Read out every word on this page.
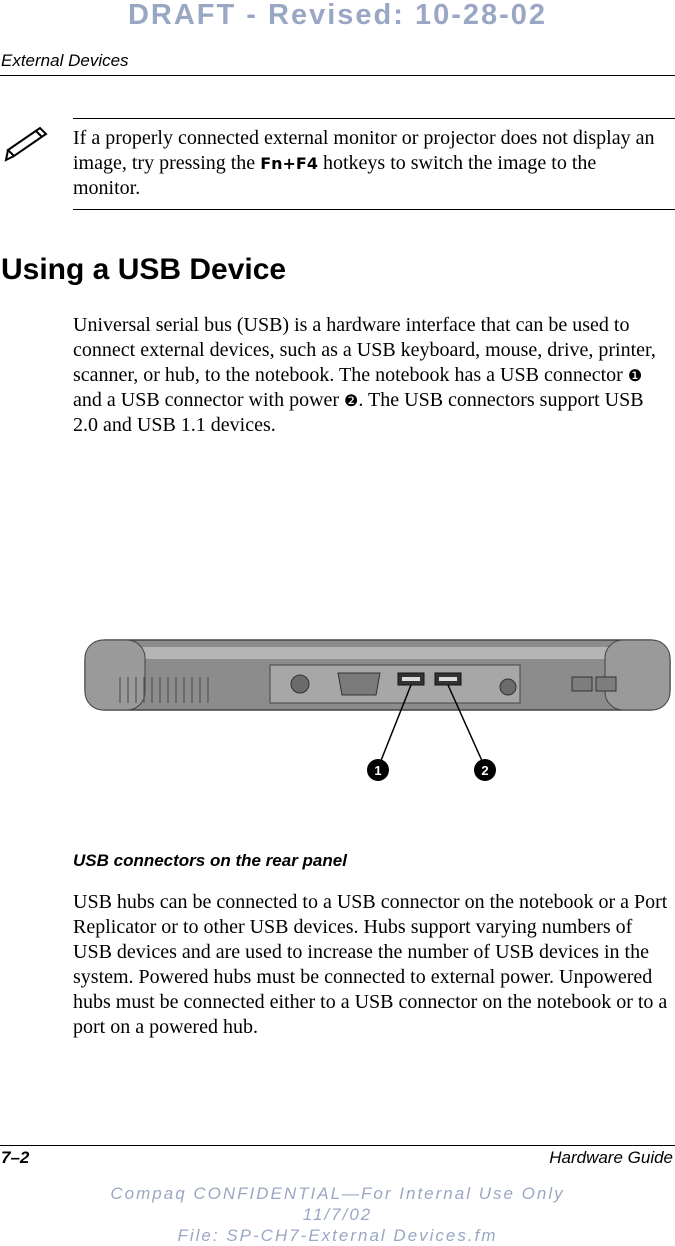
DRAFT - Revised: 10-28-02
External Devices
If a properly connected external monitor or projector does not display an image, try pressing the Fn+F4 hotkeys to switch the image to the monitor.
Using a USB Device
Universal serial bus (USB) is a hardware interface that can be used to connect external devices, such as a USB keyboard, mouse, drive, printer, scanner, or hub, to the notebook. The notebook has a USB connector ❶ and a USB connector with power ❷. The USB connectors support USB 2.0 and USB 1.1 devices.
1	2
USB connectors on the rear panel
USB hubs can be connected to a USB connector on the notebook or a Port Replicator or to other USB devices. Hubs support varying numbers of USB devices and are used to increase the number of USB devices in the system. Powered hubs must be connected to external power. Unpowered hubs must be connected either to a USB connector on the notebook or to a port on a powered hub.
7–2	Hardware Guide
Compaq CONFIDENTIAL—For Internal Use Only
11/7/02
File: SP-CH7-External Devices.fm
